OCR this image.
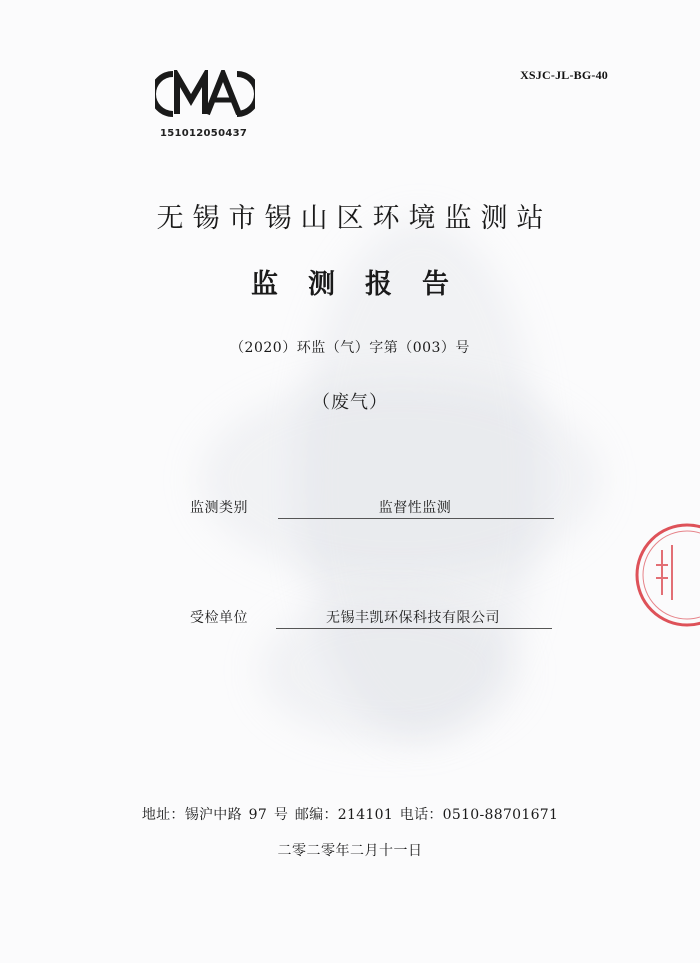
XSJC-JL-BG-40
151012050437
无锡市锡山区环境监测站
监测报告
（2020）环监（气）字第（003）号
（废气）
监测类别	监督性监测
受检单位	无锡丰凯环保科技有限公司
地址：锡沪中路 97 号 邮编：214101 电话：0510-88701671
二零二零年二月十一日
